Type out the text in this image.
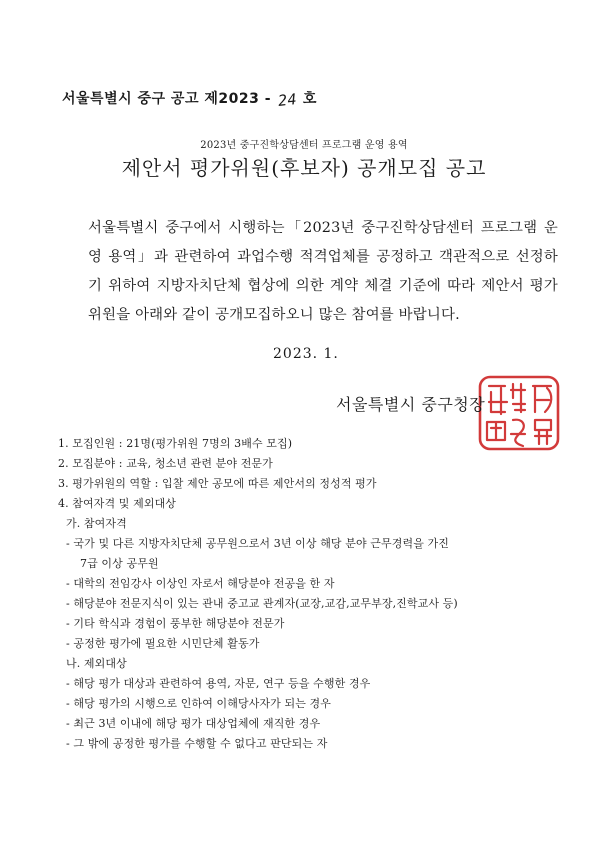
서울특별시 중구 공고 제2023 - 24 호
2023년 중구진학상담센터 프로그램 운영 용역
제안서 평가위원(후보자) 공개모집 공고
서울특별시 중구에서 시행하는「2023년 중구진학상담센터 프로그램 운영 용역」과 관련하여 과업수행 적격업체를 공정하고 객관적으로 선정하기 위하여 지방자치단체 협상에 의한 계약 체결 기준에 따라 제안서 평가위원을 아래와 같이 공개모집하오니 많은 참여를 바랍니다.
2023. 1.
서울특별시 중구청장
1. 모집인원 : 21명(평가위원 7명의 3배수 모집)
2. 모집분야 : 교육, 청소년 관련 분야 전문가
3. 평가위원의 역할 : 입찰 제안 공모에 따른 제안서의 정성적 평가
4. 참여자격 및 제외대상
가. 참여자격
- 국가 및 다른 지방자치단체 공무원으로서 3년 이상 해당 분야 근무경력을 가진
7급 이상 공무원
- 대학의 전임강사 이상인 자로서 해당분야 전공을 한 자
- 해당분야 전문지식이 있는 관내 중고교 관계자(교장,교감,교무부장,진학교사 등)
- 기타 학식과 경험이 풍부한 해당분야 전문가
- 공정한 평가에 필요한 시민단체 활동가
나. 제외대상
- 해당 평가 대상과 관련하여 용역, 자문, 연구 등을 수행한 경우
- 해당 평가의 시행으로 인하여 이해당사자가 되는 경우
- 최근 3년 이내에 해당 평가 대상업체에 재직한 경우
- 그 밖에 공정한 평가를 수행할 수 없다고 판단되는 자
